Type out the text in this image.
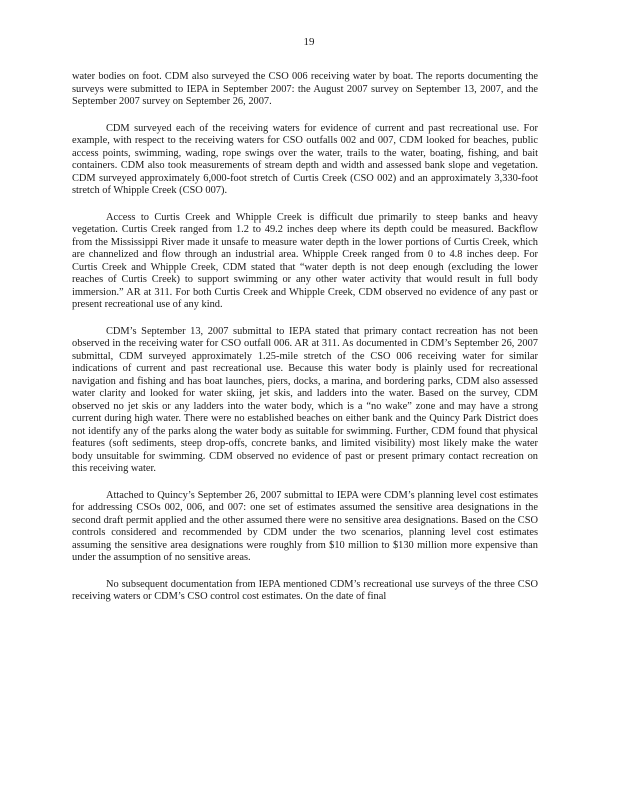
19

water bodies on foot. CDM also surveyed the CSO 006 receiving water by boat. The reports documenting the surveys were submitted to IEPA in September 2007: the August 2007 survey on September 13, 2007, and the September 2007 survey on September 26, 2007.

CDM surveyed each of the receiving waters for evidence of current and past recreational use. For example, with respect to the receiving waters for CSO outfalls 002 and 007, CDM looked for beaches, public access points, swimming, wading, rope swings over the water, trails to the water, boating, fishing, and bait containers. CDM also took measurements of stream depth and width and assessed bank slope and vegetation. CDM surveyed approximately 6,000-foot stretch of Curtis Creek (CSO 002) and an approximately 3,330-foot stretch of Whipple Creek (CSO 007).

Access to Curtis Creek and Whipple Creek is difficult due primarily to steep banks and heavy vegetation. Curtis Creek ranged from 1.2 to 49.2 inches deep where its depth could be measured. Backflow from the Mississippi River made it unsafe to measure water depth in the lower portions of Curtis Creek, which are channelized and flow through an industrial area. Whipple Creek ranged from 0 to 4.8 inches deep. For Curtis Creek and Whipple Creek, CDM stated that “water depth is not deep enough (excluding the lower reaches of Curtis Creek) to support swimming or any other water activity that would result in full body immersion.” AR at 311. For both Curtis Creek and Whipple Creek, CDM observed no evidence of any past or present recreational use of any kind.

CDM’s September 13, 2007 submittal to IEPA stated that primary contact recreation has not been observed in the receiving water for CSO outfall 006. AR at 311. As documented in CDM’s September 26, 2007 submittal, CDM surveyed approximately 1.25-mile stretch of the CSO 006 receiving water for similar indications of current and past recreational use. Because this water body is plainly used for recreational navigation and fishing and has boat launches, piers, docks, a marina, and bordering parks, CDM also assessed water clarity and looked for water skiing, jet skis, and ladders into the water. Based on the survey, CDM observed no jet skis or any ladders into the water body, which is a “no wake” zone and may have a strong current during high water. There were no established beaches on either bank and the Quincy Park District does not identify any of the parks along the water body as suitable for swimming. Further, CDM found that physical features (soft sediments, steep drop-offs, concrete banks, and limited visibility) most likely make the water body unsuitable for swimming. CDM observed no evidence of past or present primary contact recreation on this receiving water.

Attached to Quincy’s September 26, 2007 submittal to IEPA were CDM’s planning level cost estimates for addressing CSOs 002, 006, and 007: one set of estimates assumed the sensitive area designations in the second draft permit applied and the other assumed there were no sensitive area designations. Based on the CSO controls considered and recommended by CDM under the two scenarios, planning level cost estimates assuming the sensitive area designations were roughly from $10 million to $130 million more expensive than under the assumption of no sensitive areas.

No subsequent documentation from IEPA mentioned CDM’s recreational use surveys of the three CSO receiving waters or CDM’s CSO control cost estimates. On the date of final
